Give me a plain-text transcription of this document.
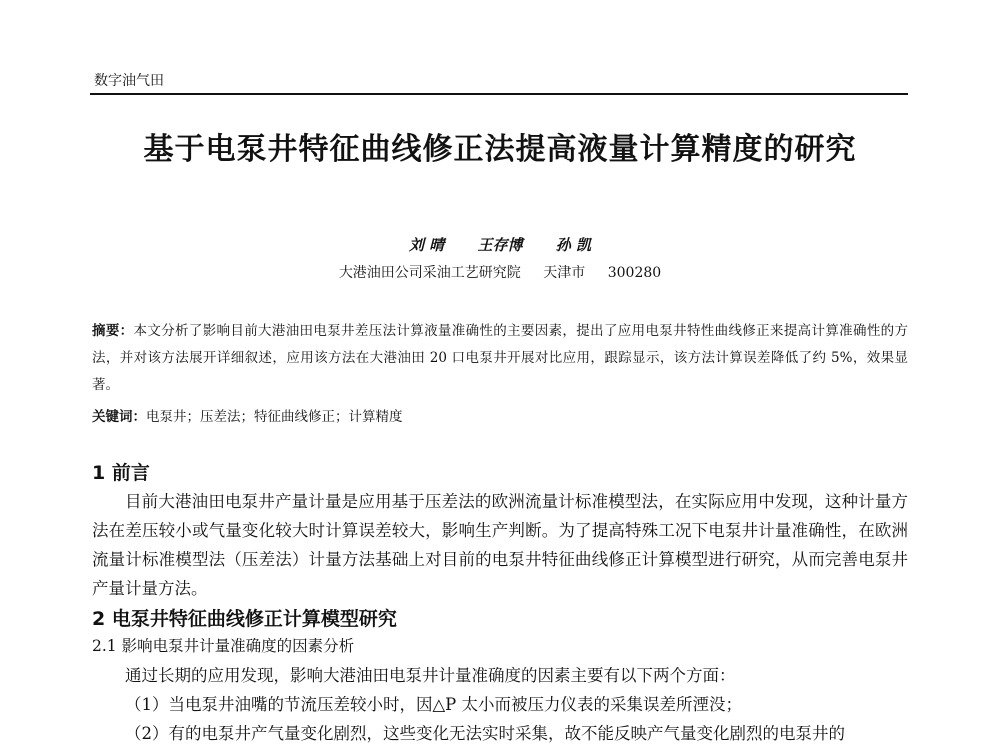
数字油气田
基于电泵井特征曲线修正法提高液量计算精度的研究
刘 晴 王存博 孙 凯
大港油田公司采油工艺研究院 天津市 300280
摘要：本文分析了影响目前大港油田电泵井差压法计算液量准确性的主要因素，提出了应用电泵井特性曲线修正来提高计算准确性的方法，并对该方法展开详细叙述，应用该方法在大港油田 20 口电泵井开展对比应用，跟踪显示，该方法计算误差降低了约 5%，效果显著。
关键词：电泵井；压差法；特征曲线修正；计算精度
1 前言
目前大港油田电泵井产量计量是应用基于压差法的欧洲流量计标准模型法，在实际应用中发现，这种计量方法在差压较小或气量变化较大时计算误差较大，影响生产判断。为了提高特殊工况下电泵井计量准确性，在欧洲流量计标准模型法（压差法）计量方法基础上对目前的电泵井特征曲线修正计算模型进行研究，从而完善电泵井产量计量方法。
2 电泵井特征曲线修正计算模型研究
2.1 影响电泵井计量准确度的因素分析
通过长期的应用发现，影响大港油田电泵井计量准确度的因素主要有以下两个方面：
（1）当电泵井油嘴的节流压差较小时，因△P 太小而被压力仪表的采集误差所湮没；
（2）有的电泵井产气量变化剧烈，这些变化无法实时采集，故不能反映产气量变化剧烈的电泵井的
